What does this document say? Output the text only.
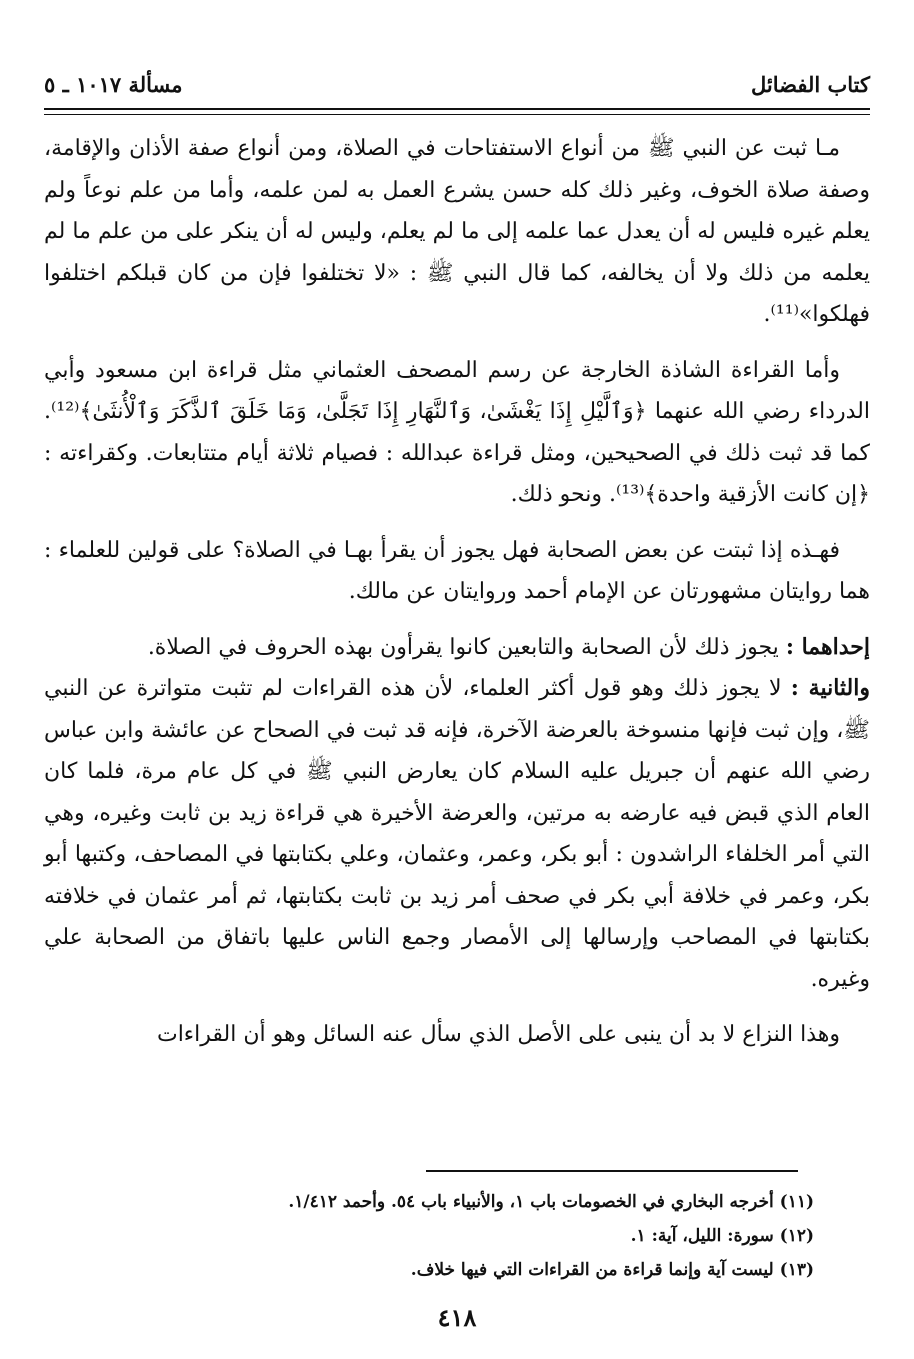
كتاب الفضائل
مسألة ١٠١٧ ـ ٥

مـا ثبت عن النبي ﷺ من أنواع الاستفتاحات في الصلاة، ومن أنواع صفة الأذان والإقامة، وصفة صلاة الخوف، وغير ذلك كله حسن يشرع العمل به لمن علمه، وأما من علم نوعاً ولم يعلم غيره فليس له أن يعدل عما علمه إلى ما لم يعلم، وليس له أن ينكر على من علم ما لم يعلمه من ذلك ولا أن يخالفه، كما قال النبي ﷺ : «لا تختلفوا فإن من كان قبلكم اختلفوا فهلكوا»⁽¹¹⁾.

وأما القراءة الشاذة الخارجة عن رسم المصحف العثماني مثل قراءة ابن مسعود وأبي الدرداء رضي الله عنهما ﴿وَٱلَّيْلِ إِذَا يَغْشَىٰ، وَٱلنَّهَارِ إِذَا تَجَلَّىٰ، وَمَا خَلَقَ ٱلذَّكَرَ وَٱلْأُنثَىٰ﴾⁽¹²⁾. كما قد ثبت ذلك في الصحيحين، ومثل قراءة عبدالله : فصيام ثلاثة أيام متتابعات. وكقراءته : ﴿إن كانت الأزقية واحدة﴾⁽¹³⁾. ونحو ذلك.

فهـذه إذا ثبتت عن بعض الصحابة فهل يجوز أن يقرأ بهـا في الصلاة؟ على قولين للعلماء : هما روايتان مشهورتان عن الإمام أحمد وروايتان عن مالك.

إحداهما : يجوز ذلك لأن الصحابة والتابعين كانوا يقرأون بهذه الحروف في الصلاة.

والثانية : لا يجوز ذلك وهو قول أكثر العلماء، لأن هذه القراءات لم تثبت متواترة عن النبي ﷺ، وإن ثبت فإنها منسوخة بالعرضة الآخرة، فإنه قد ثبت في الصحاح عن عائشة وابن عباس رضي الله عنهم أن جبريل عليه السلام كان يعارض النبي ﷺ في كل عام مرة، فلما كان العام الذي قبض فيه عارضه به مرتين، والعرضة الأخيرة هي قراءة زيد بن ثابت وغيره، وهي التي أمر الخلفاء الراشدون : أبو بكر، وعمر، وعثمان، وعلي بكتابتها في المصاحف، وكتبها أبو بكر، وعمر في خلافة أبي بكر في صحف أمر زيد بن ثابت بكتابتها، ثم أمر عثمان في خلافته بكتابتها في المصاحب وإرسالها إلى الأمصار وجمع الناس عليها باتفاق من الصحابة علي وغيره.

وهذا النزاع لا بد أن ينبى على الأصل الذي سأل عنه السائل وهو أن القراءات

(١١) أخرجه البخاري في الخصومات باب ١، والأنبياء باب ٥٤. وأحمد ١/٤١٢.

(١٢) سورة: الليل، آية: ١.

(١٣) ليست آية وإنما قراءة من القراءات التي فيها خلاف.

٤١٨
